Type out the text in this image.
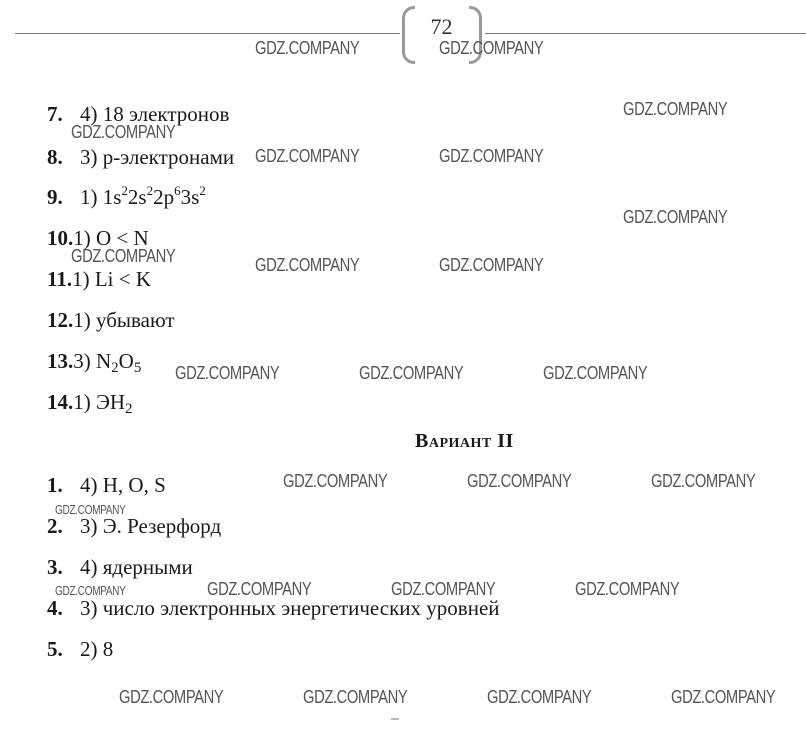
72
7. 4) 18 электронов
8. 3) р-электронами
9. 1) $1s^22s^22p^63s^2$
10.1) O < N
11.1) Li < K
12.1) убывают
13.3) $N_2O_5$
14.1) $ЭН_2$
Вариант II
1. 4) H, O, S
2. 3) Э. Резерфорд
3. 4) ядерными
4. 3) число электронных энергетических уровней
5. 2) 8
GDZ.COMPANY	GDZ.COMPANY
GDZ.COMPANY
GDZ.COMPANY
GDZ.COMPANY	GDZ.COMPANY
GDZ.COMPANY
GDZ.COMPANY	GDZ.COMPANY	GDZ.COMPANY
GDZ.COMPANY	GDZ.COMPANY	GDZ.COMPANY
GDZ.COMPANY	GDZ.COMPANY	GDZ.COMPANY
GDZ.COMPANY
GDZ.COMPANY	GDZ.COMPANY	GDZ.COMPANY	GDZ.COMPANY
GDZ.COMPANY	GDZ.COMPANY	GDZ.COMPANY	GDZ.COMPANY
